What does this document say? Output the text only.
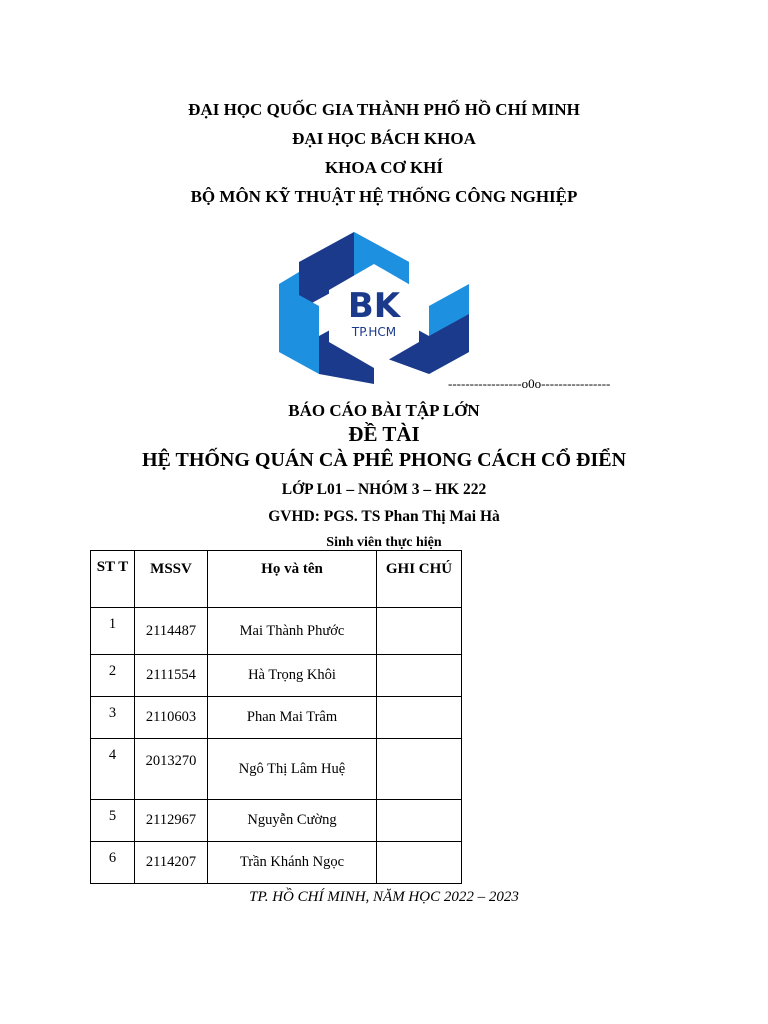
ĐẠI HỌC QUỐC GIA THÀNH PHỐ HỒ CHÍ MINH
ĐẠI HỌC BÁCH KHOA
KHOA CƠ KHÍ
BỘ MÔN KỸ THUẬT HỆ THỐNG CÔNG NGHIỆP
BK
TP.HCM
-----------------o0o----------------
BÁO CÁO BÀI TẬP LỚN
ĐỀ TÀI
HỆ THỐNG QUÁN CÀ PHÊ PHONG CÁCH CỔ ĐIỂN
LỚP L01 – NHÓM 3 – HK 222
GVHD: PGS. TS Phan Thị Mai Hà
Sinh viên thực hiện
ST T	MSSV	Họ và tên	GHI CHÚ
1	2114487	Mai Thành Phước	
2	2111554	Hà Trọng Khôi	
3	2110603	Phan Mai Trâm	
4	2013270	Ngô Thị Lâm Huệ	
5	2112967	Nguyễn Cường	
6	2114207	Trần Khánh Ngọc	
TP. HỒ CHÍ MINH, NĂM HỌC 2022 – 2023
